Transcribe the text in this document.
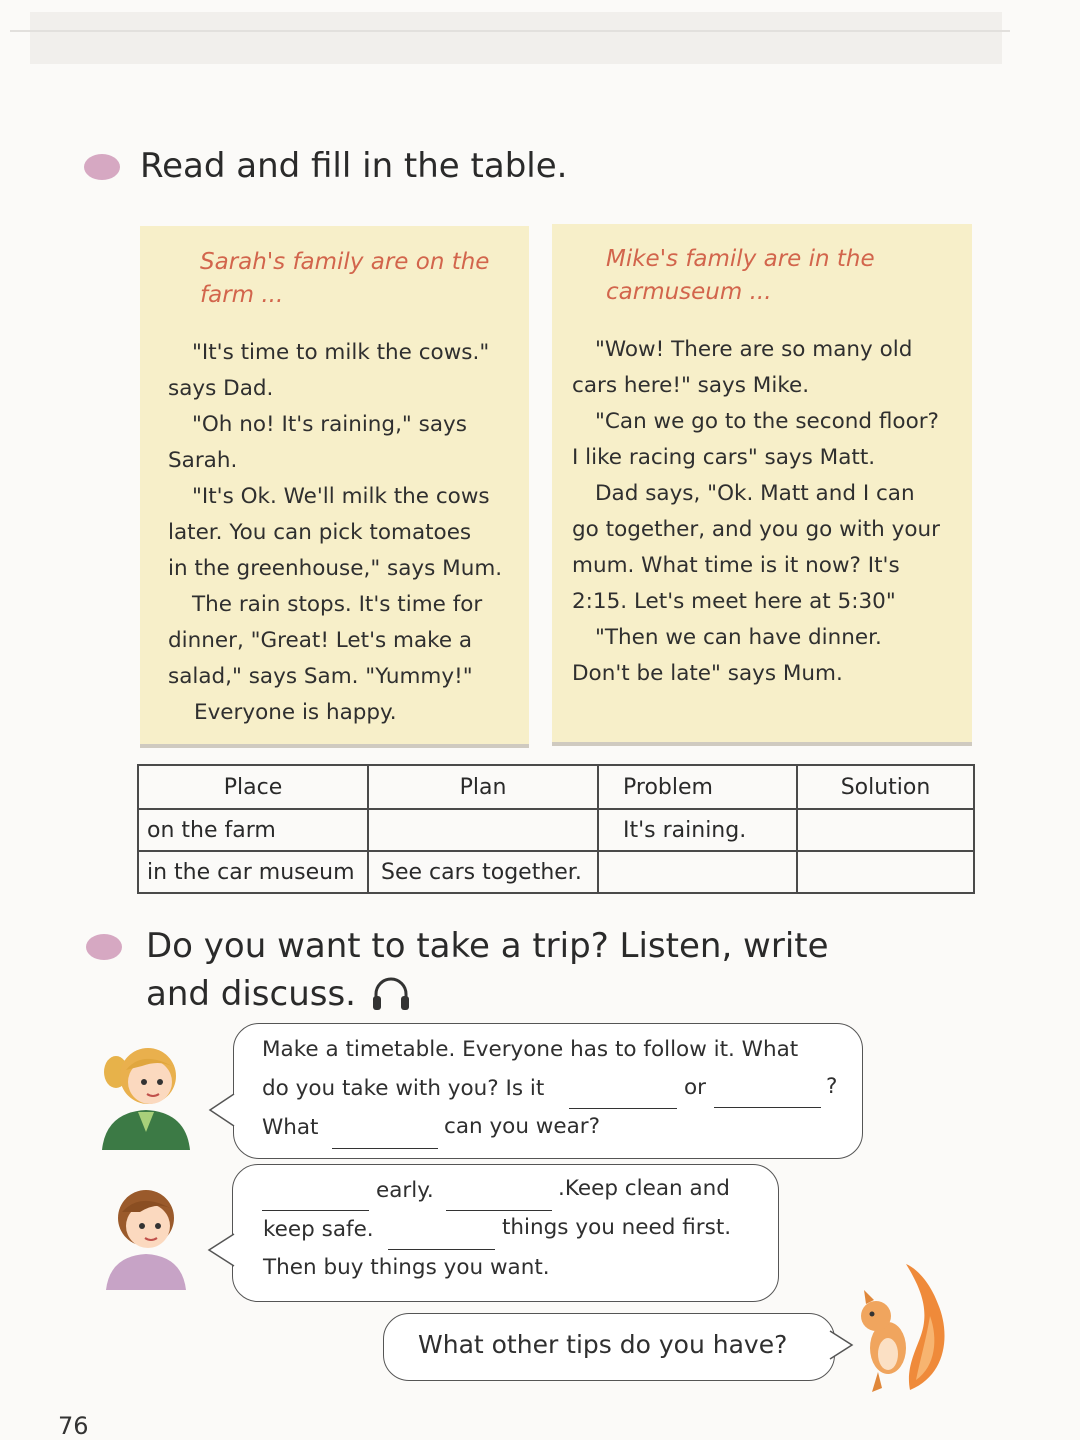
Read and fill in the table.
Sarah's family are on the
farm ...
"It's time to milk the cows."
says Dad.
"Oh no! It's raining," says
Sarah.
"It's Ok. We'll milk the cows
later. You can pick tomatoes
in the greenhouse," says Mum.
The rain stops. It's time for
dinner, "Great! Let's make a
salad," says Sam. "Yummy!"
Everyone is happy.
Mike's family are in the
carmuseum ...
"Wow! There are so many old
cars here!" says Mike.
"Can we go to the second floor?
I like racing cars" says Matt.
Dad says, "Ok. Matt and I can
go together, and you go with your
mum. What time is it now? It's
2:15. Let's meet here at 5:30"
"Then we can have dinner.
Don't be late" says Mum.
Place	Plan	Problem	Solution
on the farm		It's raining.	
in the car museum	See cars together.		
Do you want to take a trip? Listen, write
and discuss.
Make a timetable. Everyone has to follow it. What
do you take with you? Is it	or	?
What	can you wear?
early.	.Keep clean and
keep safe.	things you need first.
Then buy things you want.
What other tips do you have?
76
